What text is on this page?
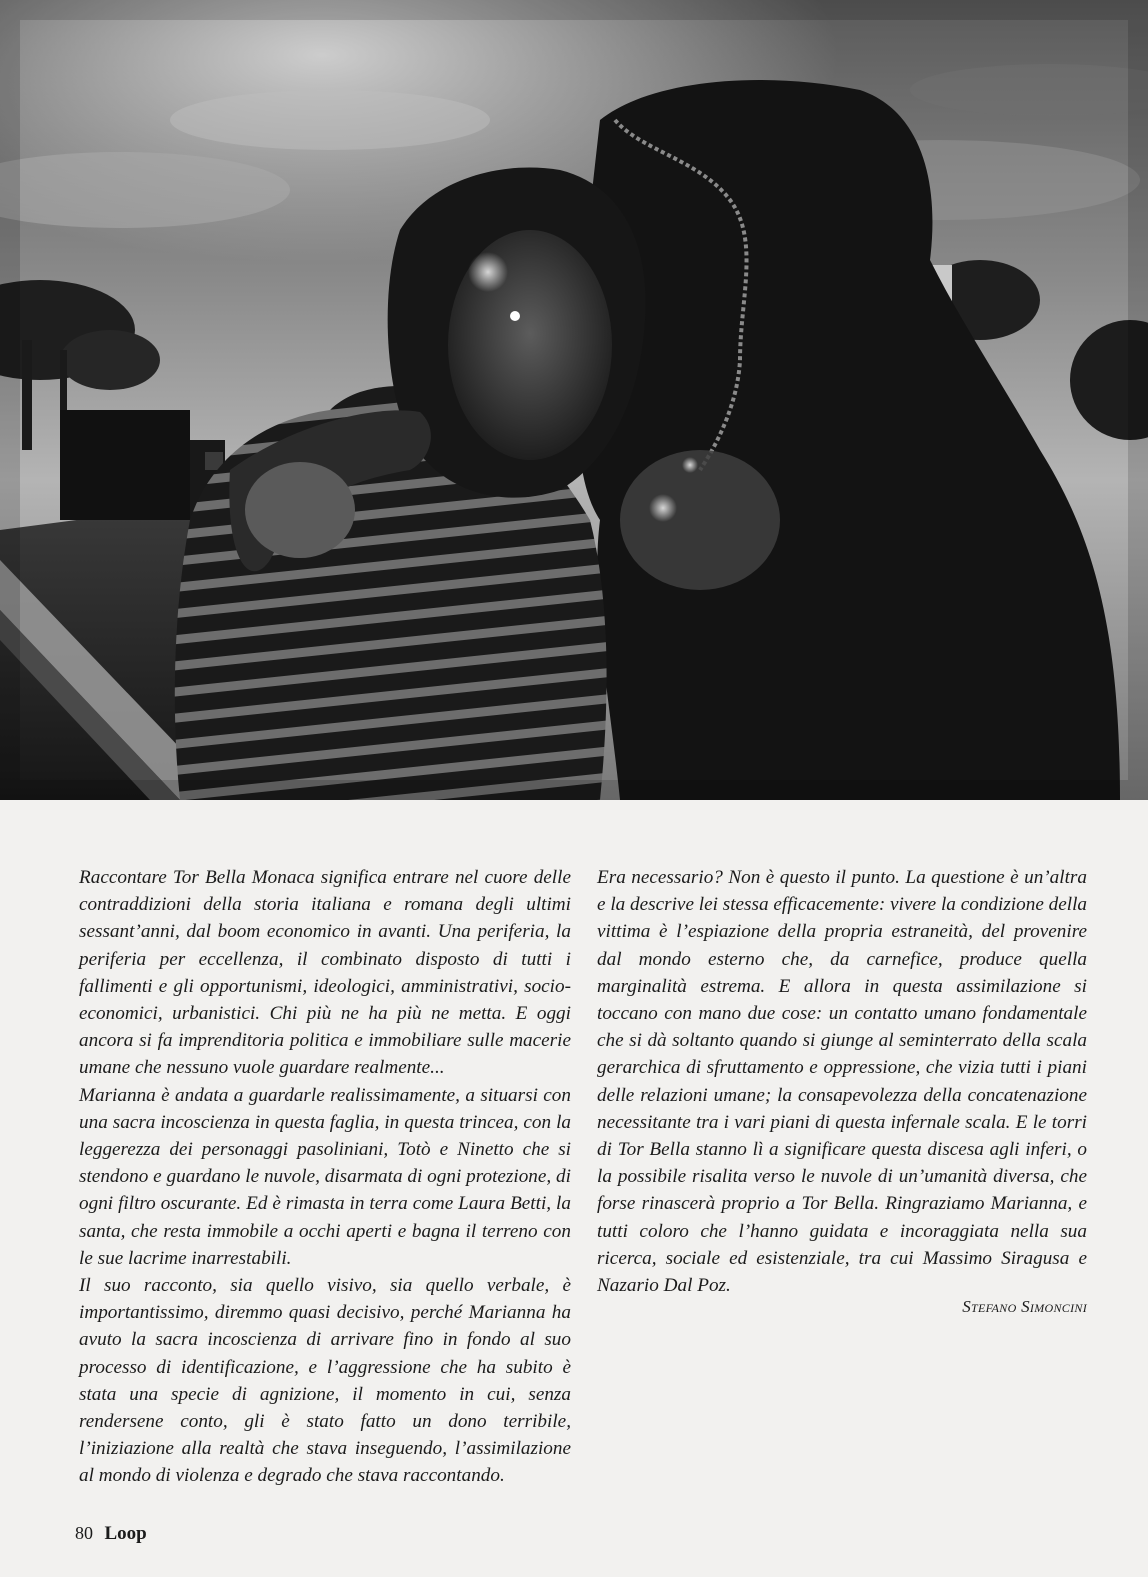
Raccontare Tor Bella Monaca significa entrare nel cuore delle contraddizioni della storia italiana e romana degli ultimi sessant’anni, dal boom economico in avanti. Una periferia, la periferia per eccellenza, il combinato disposto di tutti i fallimenti e gli opportunismi, ideologici, amministrativi, socio-economici, urbanistici. Chi più ne ha più ne metta. E oggi ancora si fa imprenditoria politica e immobiliare sulle macerie umane che nessuno vuole guardare realmente...

Marianna è andata a guardarle realissimamente, a situarsi con una sacra incoscienza in questa faglia, in questa trincea, con la leggerezza dei personaggi pasoliniani, Totò e Ninetto che si stendono e guardano le nuvole, disarmata di ogni protezione, di ogni filtro oscurante. Ed è rimasta in terra come Laura Betti, la santa, che resta immobile a occhi aperti e bagna il terreno con le sue lacrime inarrestabili.

Il suo racconto, sia quello visivo, sia quello verbale, è importantissimo, diremmo quasi decisivo, perché Marianna ha avuto la sacra incoscienza di arrivare fino in fondo al suo processo di identificazione, e l’aggressione che ha subito è stata una specie di agnizione, il momento in cui, senza rendersene conto, gli è stato fatto un dono terribile, l’iniziazione alla realtà che stava inseguendo, l’assimilazione al mondo di violenza e degrado che stava raccontando.

Era necessario? Non è questo il punto. La questione è un’altra e la descrive lei stessa efficacemente: vivere la condizione della vittima è l’espiazione della propria estraneità, del provenire dal mondo esterno che, da carnefice, produce quella marginalità estrema. E allora in questa assimilazione si toccano con mano due cose: un contatto umano fondamentale che si dà soltanto quando si giunge al seminterrato della scala gerarchica di sfruttamento e oppressione, che vizia tutti i piani delle relazioni umane; la consapevolezza della concatenazione necessitante tra i vari piani di questa infernale scala. E le torri di Tor Bella stanno lì a significare questa discesa agli inferi, o la possibile risalita verso le nuvole di un’umanità diversa, che forse rinascerà proprio a Tor Bella. Ringraziamo Marianna, e tutti coloro che l’hanno guidata e incoraggiata nella sua ricerca, sociale ed esistenziale, tra cui Massimo Siragusa e Nazario Dal Poz.

Stefano Simoncini
80 Loop
